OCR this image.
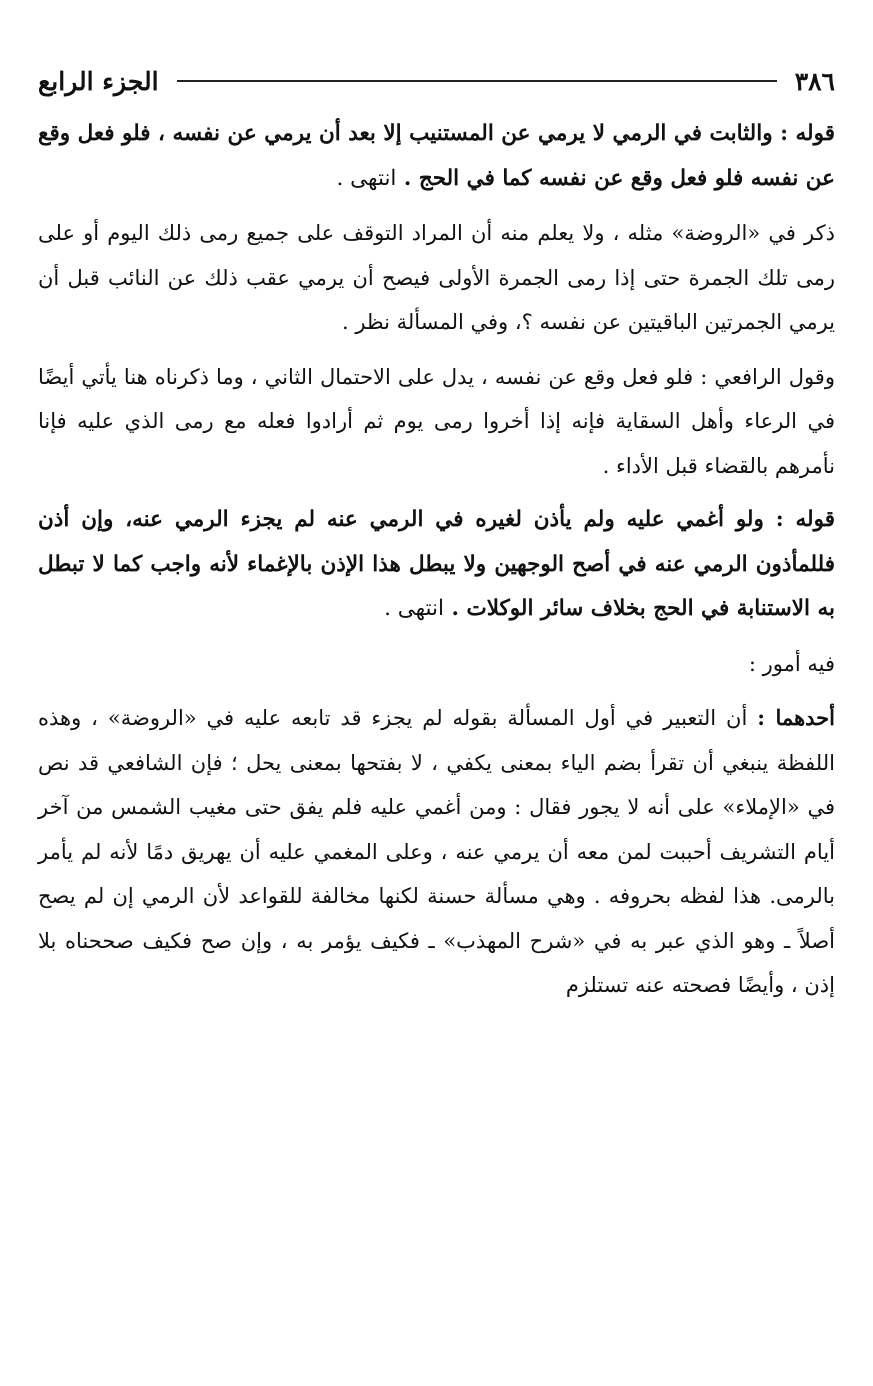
٣٨٦
الجزء الرابع

قوله : والثابت في الرمي لا يرمي عن المستنيب إلا بعد أن يرمي عن نفسه ، فلو فعل وقع عن نفسه فلو فعل وقع عن نفسه كما في الحج . انتهى .

ذكر في «الروضة» مثله ، ولا يعلم منه أن المراد التوقف على جميع رمى ذلك اليوم أو على رمى تلك الجمرة حتى إذا رمى الجمرة الأولى فيصح أن يرمي عقب ذلك عن النائب قبل أن يرمي الجمرتين الباقيتين عن نفسه ؟، وفي المسألة نظر .

وقول الرافعي : فلو فعل وقع عن نفسه ، يدل على الاحتمال الثاني ، وما ذكرناه هنا يأتي أيضًا في الرعاء وأهل السقاية فإنه إذا أخروا رمى يوم ثم أرادوا فعله مع رمى الذي عليه فإنا نأمرهم بالقضاء قبل الأداء .

قوله : ولو أغمي عليه ولم يأذن لغيره في الرمي عنه لم يجزء الرمي عنه، وإن أذن فللمأذون الرمي عنه في أصح الوجهين ولا يبطل هذا الإذن بالإغماء لأنه واجب كما لا تبطل به الاستنابة في الحج بخلاف سائر الوكلات . انتهى .

فيه أمور :

أحدهما : أن التعبير في أول المسألة بقوله لم يجزء قد تابعه عليه في «الروضة» ، وهذه اللفظة ينبغي أن تقرأ بضم الياء بمعنى يكفي ، لا بفتحها بمعنى يحل ؛ فإن الشافعي قد نص في «الإملاء» على أنه لا يجور فقال : ومن أغمي عليه فلم يفق حتى مغيب الشمس من آخر أيام التشريف أحببت لمن معه أن يرمي عنه ، وعلى المغمي عليه أن يهريق دمًا لأنه لم يأمر بالرمى. هذا لفظه بحروفه . وهي مسألة حسنة لكنها مخالفة للقواعد لأن الرمي إن لم يصح أصلاً ـ وهو الذي عبر به في «شرح المهذب» ـ فكيف يؤمر به ، وإن صح فكيف صححناه بلا إذن ، وأيضًا فصحته عنه تستلزم
